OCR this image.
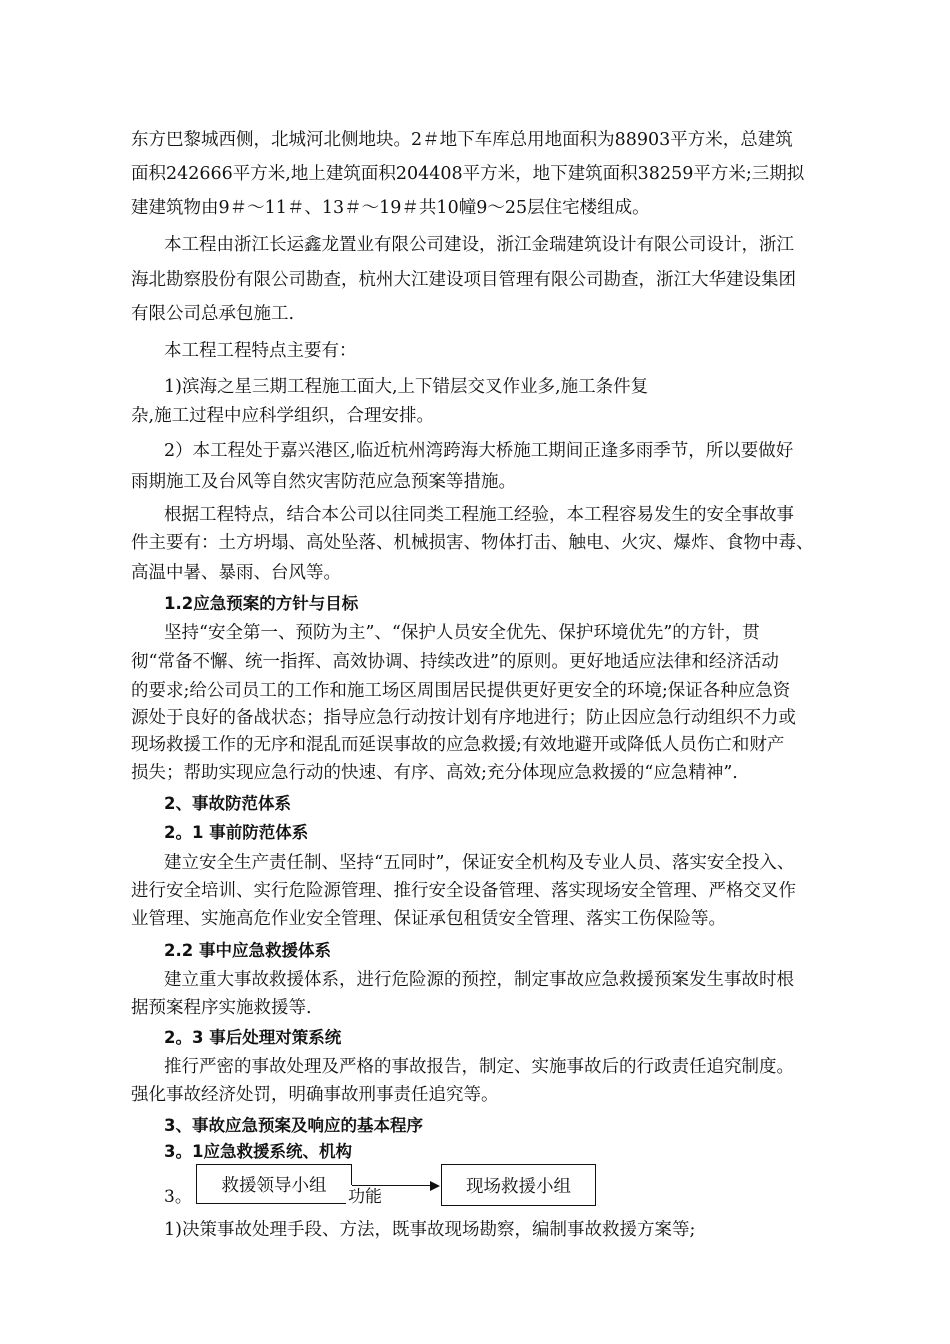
东方巴黎城西侧，北城河北侧地块。2＃地下车库总用地面积为88903平方米，总建筑
面积242666平方米,地上建筑面积204408平方米，地下建筑面积38259平方米;三期拟
建建筑物由9＃～11＃、13＃～19＃共10幢9～25层住宅楼组成。
本工程由浙江长运鑫龙置业有限公司建设，浙江金瑞建筑设计有限公司设计，浙江
海北勘察股份有限公司勘查，杭州大江建设项目管理有限公司勘查，浙江大华建设集团
有限公司总承包施工.
本工程工程特点主要有：
1)滨海之星三期工程施工面大,上下错层交叉作业多,施工条件复
杂,施工过程中应科学组织，合理安排。
2）本工程处于嘉兴港区,临近杭州湾跨海大桥施工期间正逢多雨季节，所以要做好
雨期施工及台风等自然灾害防范应急预案等措施。
根据工程特点，结合本公司以往同类工程施工经验，本工程容易发生的安全事故事
件主要有：土方坍塌、高处坠落、机械损害、物体打击、触电、火灾、爆炸、食物中毒、
高温中暑、暴雨、台风等。
1.2应急预案的方针与目标
坚持“安全第一、预防为主”、“保护人员安全优先、保护环境优先”的方针，贯
彻“常备不懈、统一指挥、高效协调、持续改进”的原则。更好地适应法律和经济活动
的要求;给公司员工的工作和施工场区周围居民提供更好更安全的环境;保证各种应急资
源处于良好的备战状态；指导应急行动按计划有序地进行；防止因应急行动组织不力或
现场救援工作的无序和混乱而延误事故的应急救援;有效地避开或降低人员伤亡和财产
损失；帮助实现应急行动的快速、有序、高效;充分体现应急救援的“应急精神”.
2、事故防范体系
2。1 事前防范体系
建立安全生产责任制、坚持“五同时”，保证安全机构及专业人员、落实安全投入、
进行安全培训、实行危险源管理、推行安全设备管理、落实现场安全管理、严格交叉作
业管理、实施高危作业安全管理、保证承包租赁安全管理、落实工伤保险等。
2.2 事中应急救援体系
建立重大事故救援体系，进行危险源的预控，制定事故应急救援预案发生事故时根
据预案程序实施救援等.
2。3 事后处理对策系统
推行严密的事故处理及严格的事故报告，制定、实施事故后的行政责任追究制度。
强化事故经济处罚，明确事故刑事责任追究等。
3、事故应急预案及响应的基本程序
3。1应急救援系统、机构
3。
救援领导小组
功能
现场救援小组
1)决策事故处理手段、方法，既事故现场勘察，编制事故救援方案等;
